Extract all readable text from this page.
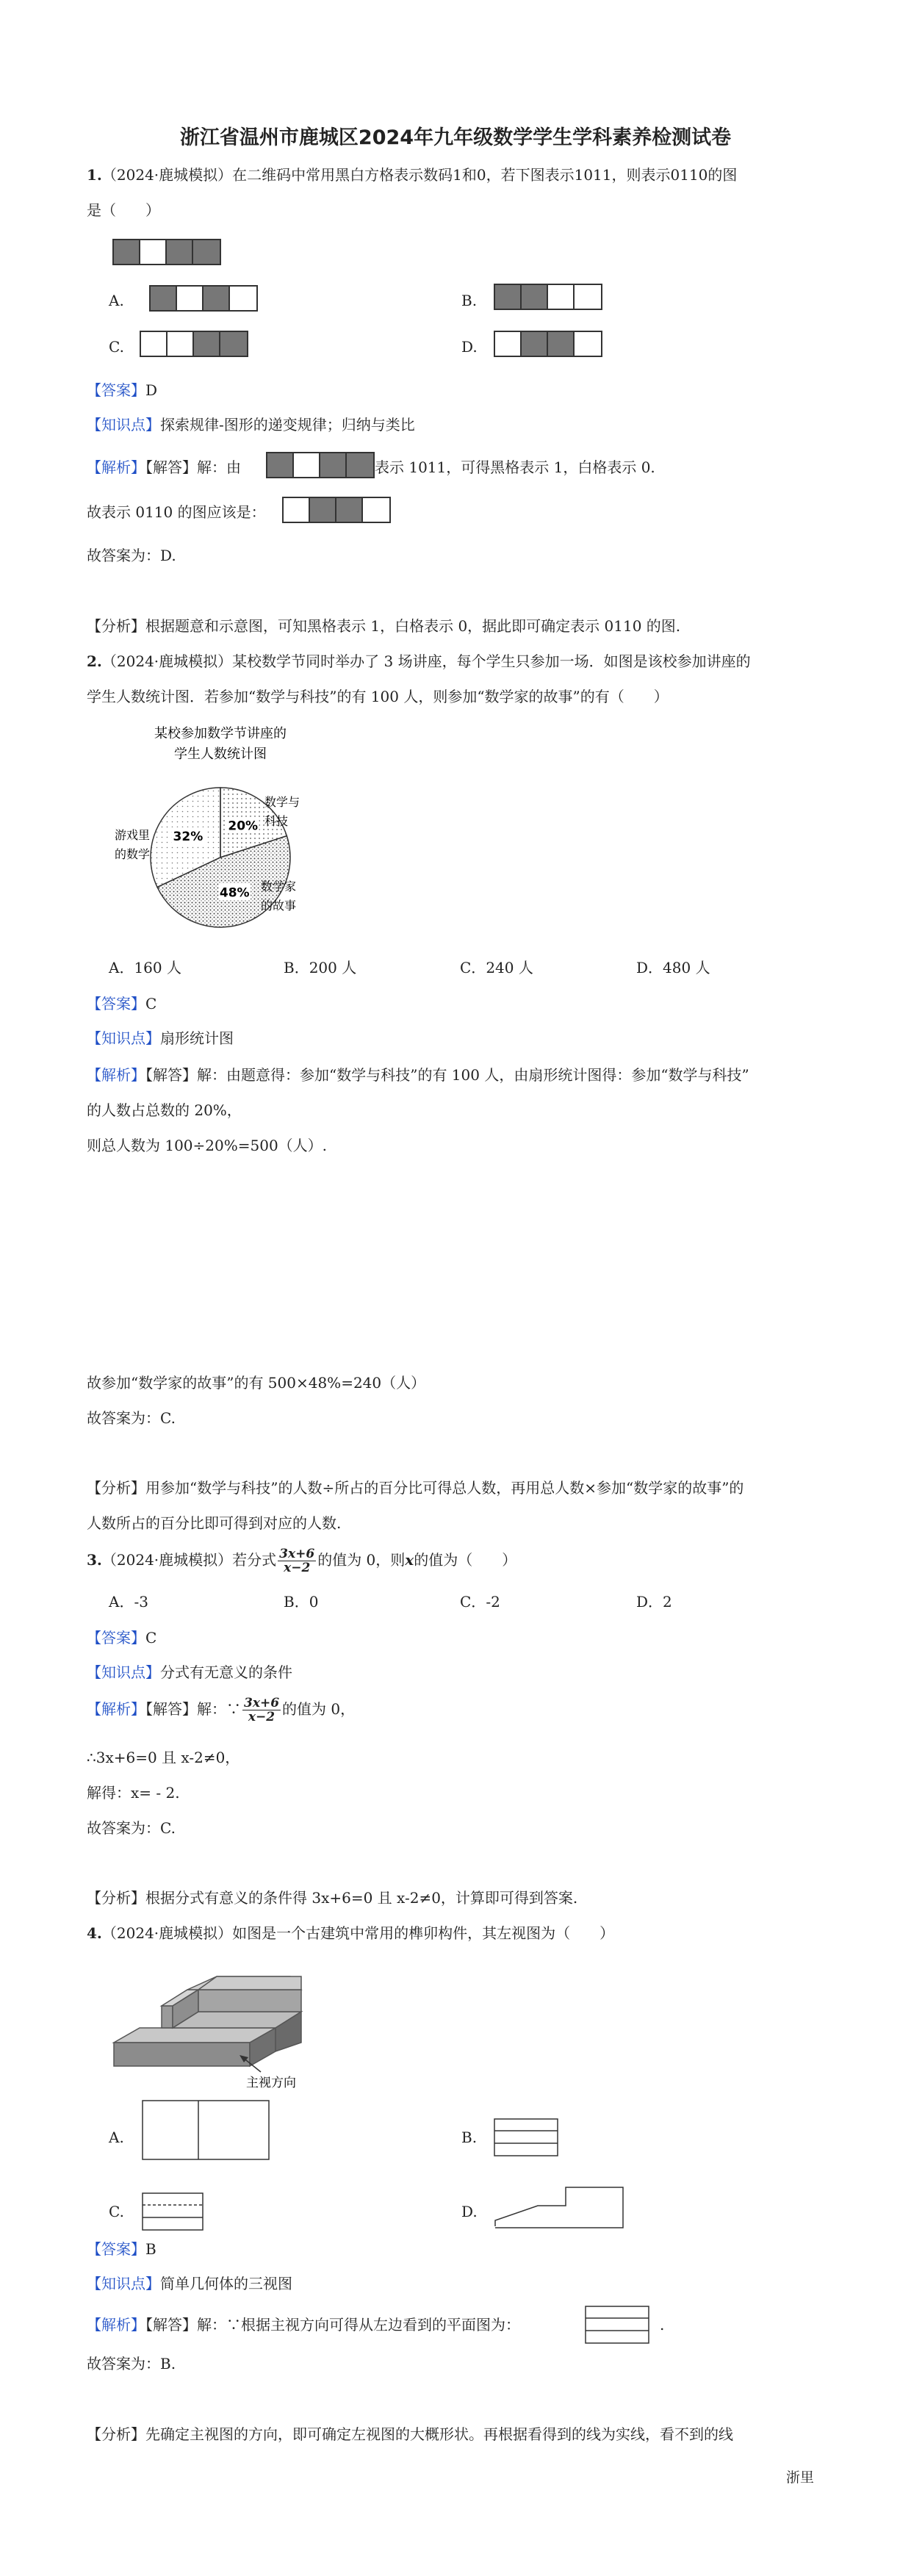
浙江省温州市鹿城区2024年九年级数学学生学科素养检测试卷
1.（2024·鹿城模拟）在二维码中常用黑白方格表示数码1和0，若下图表示1011，则表示0110的图
是（　　）
A.	B.
C.	D.
【答案】D
【知识点】探索规律-图形的递变规律；归纳与类比
【解析】【解答】解：由	表示 1011，可得黑格表示 1，白格表示 0.
故表示 0110 的图应该是：
故答案为：D.
【分析】根据题意和示意图，可知黑格表示 1，白格表示 0，据此即可确定表示 0110 的图.
2.（2024·鹿城模拟）某校数学节同时举办了 3 场讲座，每个学生只参加一场．如图是该校参加讲座的
学生人数统计图．若参加“数学与科技”的有 100 人，则参加“数学家的故事”的有（　　）
某校参加数学节讲座的
学生人数统计图
20%
数学与
科技
48% 数学家
的故事
32%
游戏里
的数学
A．160 人	B．200 人	C．240 人	D．480 人
【答案】C
【知识点】扇形统计图
【解析】【解答】解：由题意得：参加“数学与科技”的有 100 人，由扇形统计图得：参加“数学与科技”
的人数占总数的 20%，
则总人数为 100÷20%=500（人）.
故参加“数学家的故事”的有 500×48%=240（人）
故答案为：C.
【分析】用参加“数学与科技”的人数÷所占的百分比可得总人数，再用总人数×参加“数学家的故事”的
人数所占的百分比即可得到对应的人数.
3.（2024·鹿城模拟）若分式 $\frac{3x+6}{x-2}$ 的值为 0，则x的值为（　　）
A．-3	B．0	C．-2	D．2
【答案】C
【知识点】分式有无意义的条件
【解析】【解答】解：∵ $\frac{3x+6}{x-2}$ 的值为 0，
∴3x+6=0 且 x-2≠0，
解得：x= - 2.
故答案为：C.
【分析】根据分式有意义的条件得 3x+6=0 且 x-2≠0，计算即可得到答案.
4.（2024·鹿城模拟）如图是一个古建筑中常用的榫卯构件，其左视图为（　　）
主视方向
A.	B.
C.	D.
【答案】B
【知识点】简单几何体的三视图
【解析】【解答】解：∵根据主视方向可得从左边看到的平面图为：	.
故答案为：B.
【分析】先确定主视图的方向，即可确定左视图的大概形状。再根据看得到的线为实线，看不到的线
浙里
